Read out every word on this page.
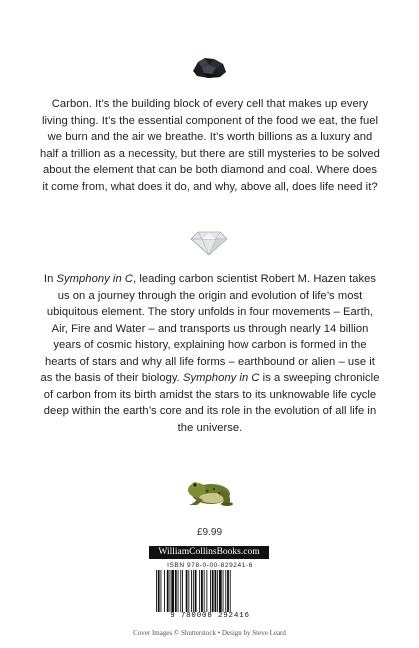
Carbon. It’s the building block of every cell that makes up every living thing. It’s the essential component of the food we eat, the fuel we burn and the air we breathe. It’s worth billions as a luxury and half a trillion as a necessity, but there are still mysteries to be solved about the element that can be both diamond and coal. Where does it come from, what does it do, and why, above all, does life need it?

In Symphony in C, leading carbon scientist Robert M. Hazen takes us on a journey through the origin and evolution of life’s most ubiquitous element. The story unfolds in four movements – Earth, Air, Fire and Water – and transports us through nearly 14 billion years of cosmic history, explaining how carbon is formed in the hearts of stars and why all life forms – earthbound or alien – use it as the basis of their biology. Symphony in C is a sweeping chronicle of carbon from its birth amidst the stars to its unknowable life cycle deep within the earth’s core and its role in the evolution of all life in the universe.

£9.99
WilliamCollinsBooks.com
ISBN 978-0-00-829241-6
9 780008 292416
Cover Images © Shutterstock • Design by Steve Leard
